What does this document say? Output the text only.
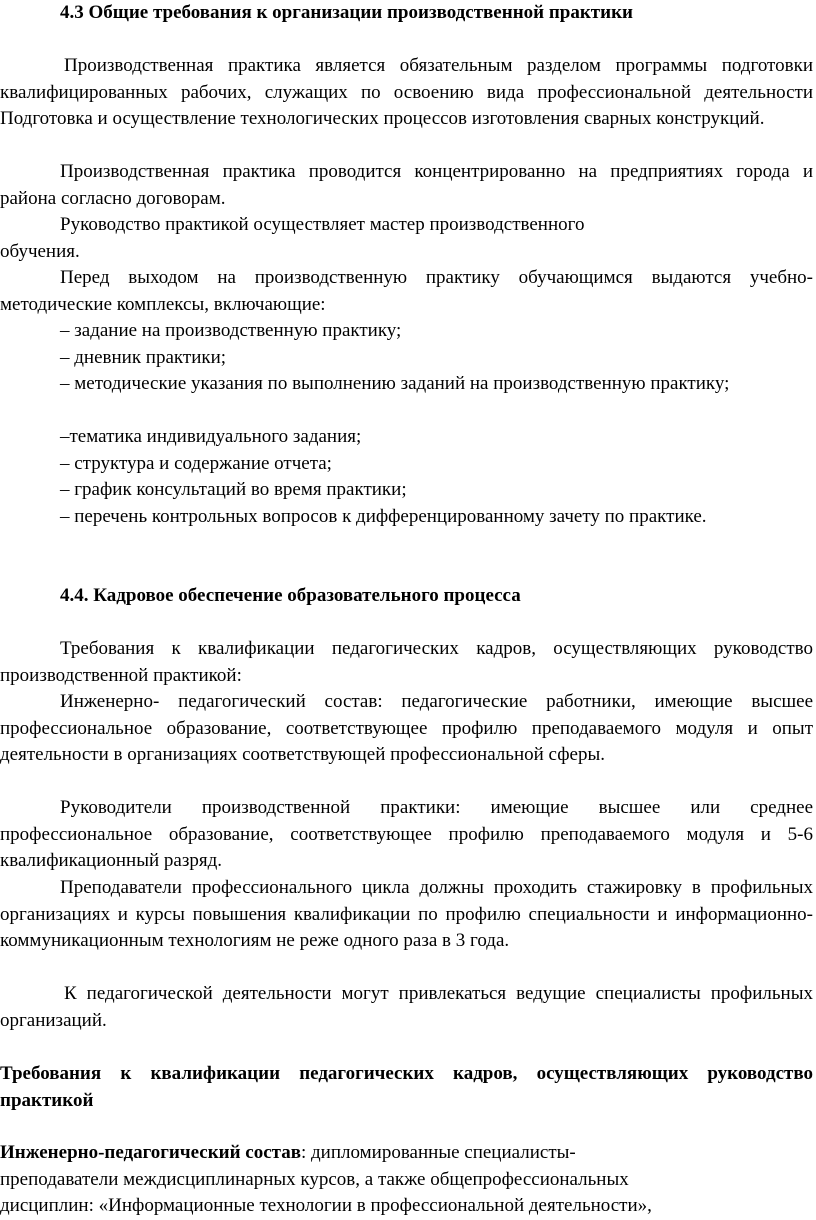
4.3 Общие требования к организации производственной практики

Производственная практика является обязательным разделом программы подготовки квалифицированных рабочих, служащих по освоению вида профессиональной деятельности Подготовка и осуществление технологических процессов изготовления сварных конструкций.

Производственная практика проводится концентрированно на предприятиях города и района согласно договорам.

Руководство практикой осуществляет мастер производственного

обучения.

Перед выходом на производственную практику обучающимся выдаются учебно-методические комплексы, включающие:

– задание на производственную практику;

– дневник практики;

– методические указания по выполнению заданий на производственную практику;

–тематика индивидуального задания;

– структура и содержание отчета;

– график консультаций во время практики;

– перечень контрольных вопросов к дифференцированному зачету по практике.

4.4. Кадровое обеспечение образовательного процесса

Требования к квалификации педагогических кадров, осуществляющих руководство производственной практикой:

Инженерно- педагогический состав: педагогические работники, имеющие высшее профессиональное образование, соответствующее профилю преподаваемого модуля и опыт деятельности в организациях соответствующей профессиональной сферы.

Руководители производственной практики: имеющие высшее или среднее профессиональное образование, соответствующее профилю преподаваемого модуля и 5-6 квалификационный разряд.

Преподаватели профессионального цикла должны проходить стажировку в профильных организациях и курсы повышения квалификации по профилю специальности и информационно-коммуникационным технологиям не реже одного раза в 3 года.

К педагогической деятельности могут привлекаться ведущие специалисты профильных организаций.

Требования к квалификации педагогических кадров, осуществляющих руководство практикой

Инженерно-педагогический состав: дипломированные специалисты-

преподаватели междисциплинарных курсов, а также общепрофессиональных

дисциплин: «Информационные технологии в профессиональной деятельности»,
